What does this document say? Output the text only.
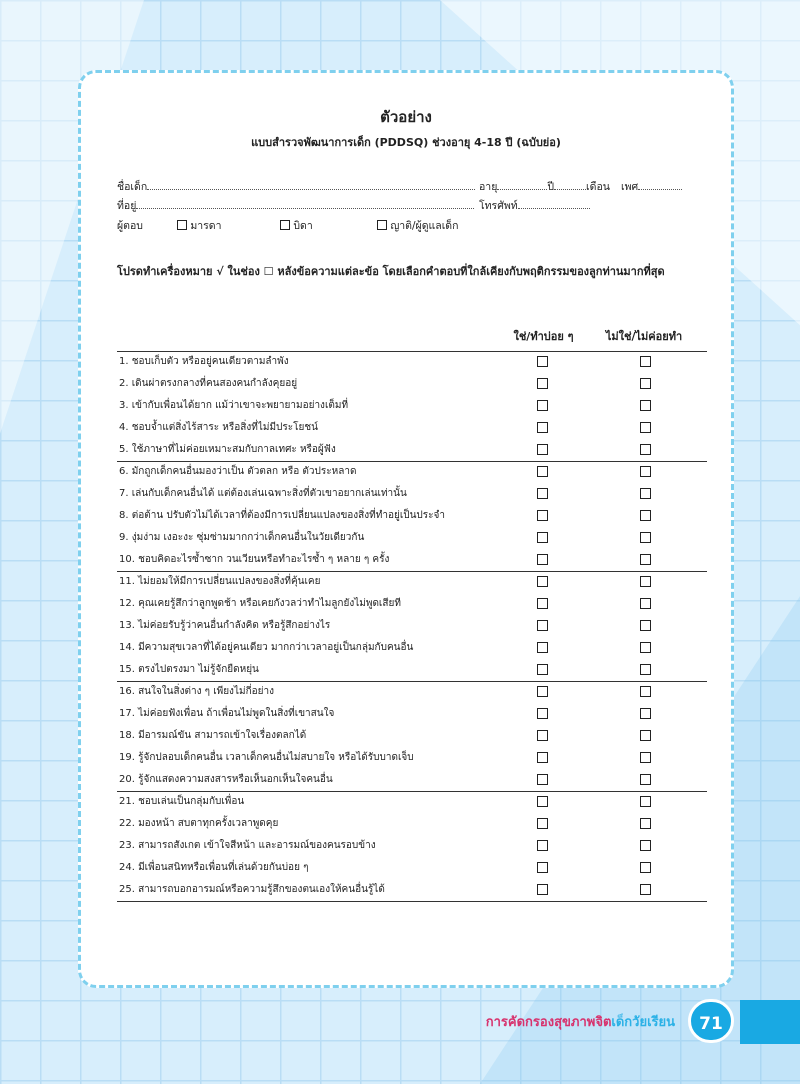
ตัวอย่าง
แบบสำรวจพัฒนาการเด็ก (PDDSQ) ช่วงอายุ 4-18 ปี (ฉบับย่อ)
ชื่อเด็ก	อายุ	ปี	เดือน เพศ
ที่อยู่	โทรศัพท์
ผู้ตอบ	มารดา	บิดา	ญาติ/ผู้ดูแลเด็ก
โปรดทำเครื่องหมาย √ ในช่อง ☐ หลังข้อความแต่ละข้อ โดยเลือกคำตอบที่ใกล้เคียงกับพฤติกรรมของลูกท่านมากที่สุด
ใช่/ทำบ่อย ๆ	ไม่ใช่/ไม่ค่อยทำ
1. ชอบเก็บตัว หรืออยู่คนเดียวตามลำพัง
2. เดินผ่าตรงกลางที่คนสองคนกำลังคุยอยู่
3. เข้ากับเพื่อนได้ยาก แม้ว่าเขาจะพยายามอย่างเต็มที่
4. ชอบจ้ำแต่สิ่งไร้สาระ หรือสิ่งที่ไม่มีประโยชน์
5. ใช้ภาษาที่ไม่ค่อยเหมาะสมกับกาลเทศะ หรือผู้ฟัง
6. มักถูกเด็กคนอื่นมองว่าเป็น ตัวตลก หรือ ตัวประหลาด
7. เล่นกับเด็กคนอื่นได้ แต่ต้องเล่นเฉพาะสิ่งที่ตัวเขาอยากเล่นเท่านั้น
8. ต่อต้าน ปรับตัวไม่ได้เวลาที่ต้องมีการเปลี่ยนแปลงของสิ่งที่ทำอยู่เป็นประจำ
9. งุ่มง่าม เงอะงะ ซุ่มซ่ามมากกว่าเด็กคนอื่นในวัยเดียวกัน
10. ชอบคิดอะไรซ้ำซาก วนเวียนหรือทำอะไรซ้ำ ๆ หลาย ๆ ครั้ง
11. ไม่ยอมให้มีการเปลี่ยนแปลงของสิ่งที่คุ้นเคย
12. คุณเคยรู้สึกว่าลูกพูดช้า หรือเคยกังวลว่าทำไมลูกยังไม่พูดเสียที
13. ไม่ค่อยรับรู้ว่าคนอื่นกำลังคิด หรือรู้สึกอย่างไร
14. มีความสุขเวลาที่ได้อยู่คนเดียว มากกว่าเวลาอยู่เป็นกลุ่มกับคนอื่น
15. ตรงไปตรงมา ไม่รู้จักยืดหยุ่น
16. สนใจในสิ่งต่าง ๆ เพียงไม่กี่อย่าง
17. ไม่ค่อยฟังเพื่อน ถ้าเพื่อนไม่พูดในสิ่งที่เขาสนใจ
18. มีอารมณ์ขัน สามารถเข้าใจเรื่องตลกได้
19. รู้จักปลอบเด็กคนอื่น เวลาเด็กคนอื่นไม่สบายใจ หรือได้รับบาดเจ็บ
20. รู้จักแสดงความสงสารหรือเห็นอกเห็นใจคนอื่น
21. ชอบเล่นเป็นกลุ่มกับเพื่อน
22. มองหน้า สบตาทุกครั้งเวลาพูดคุย
23. สามารถสังเกต เข้าใจสีหน้า และอารมณ์ของคนรอบข้าง
24. มีเพื่อนสนิทหรือเพื่อนที่เล่นด้วยกันบ่อย ๆ
25. สามารถบอกอารมณ์หรือความรู้สึกของตนเองให้คนอื่นรู้ได้
การคัดกรองสุขภาพจิตเด็กวัยเรียน	71
